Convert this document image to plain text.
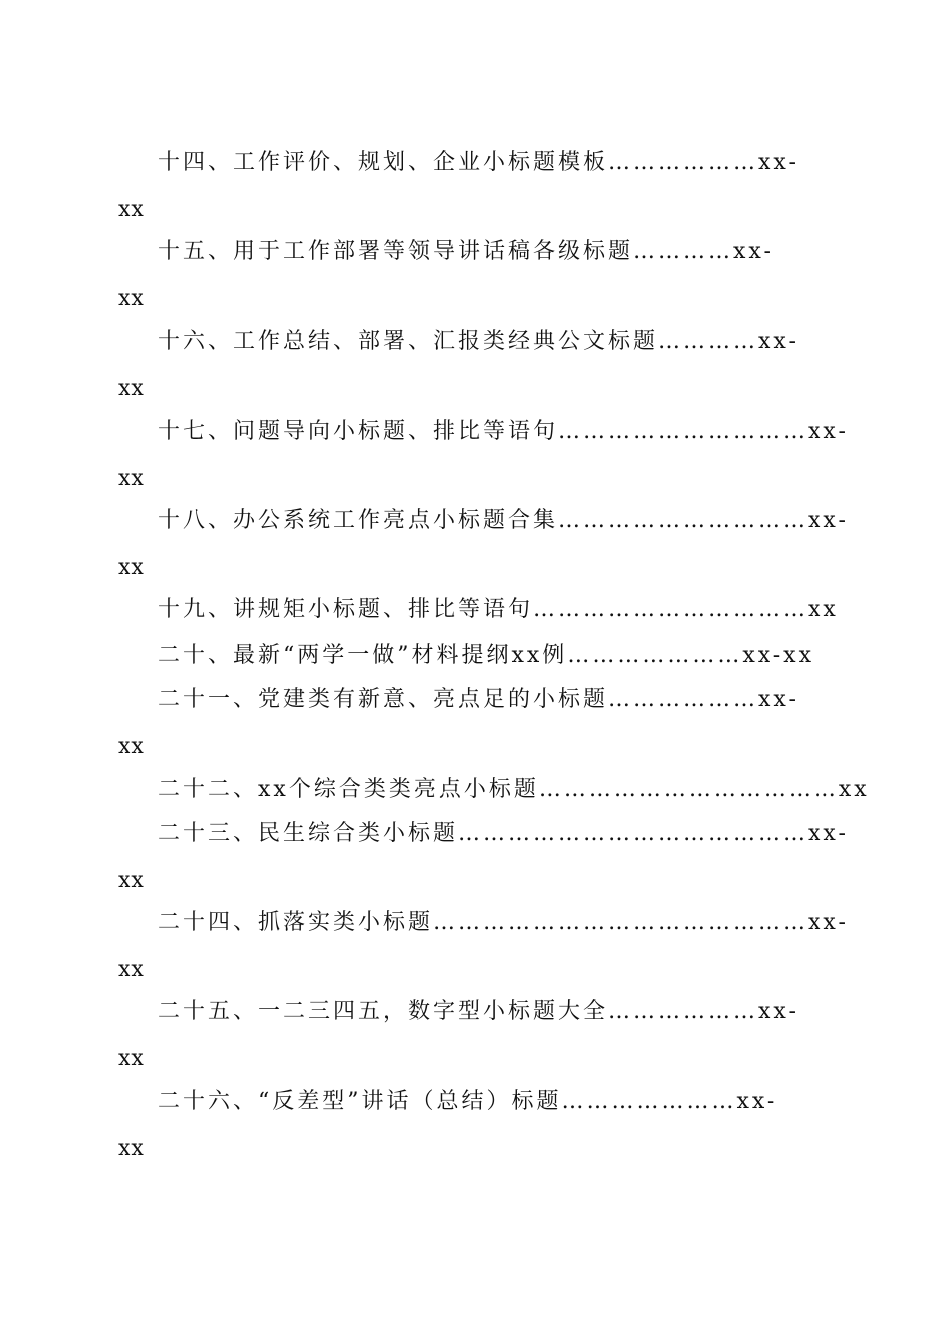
十四、工作评价、规划、企业小标题模板………………xx-
xx
十五、用于工作部署等领导讲话稿各级标题…………xx-
xx
十六、工作总结、部署、汇报类经典公文标题…………xx-
xx
十七、问题导向小标题、排比等语句…………………………xx-
xx
十八、办公系统工作亮点小标题合集…………………………xx-
xx
十九、讲规矩小标题、排比等语句……………………………xx
二十、最新“两学一做”材料提纲xx例…………………xx-xx
二十一、党建类有新意、亮点足的小标题………………xx-
xx
二十二、xx个综合类类亮点小标题………………………………xx
二十三、民生综合类小标题……………………………………xx-
xx
二十四、抓落实类小标题………………………………………xx-
xx
二十五、一二三四五，数字型小标题大全………………xx-
xx
二十六、“反差型”讲话（总结）标题…………………xx-
xx
